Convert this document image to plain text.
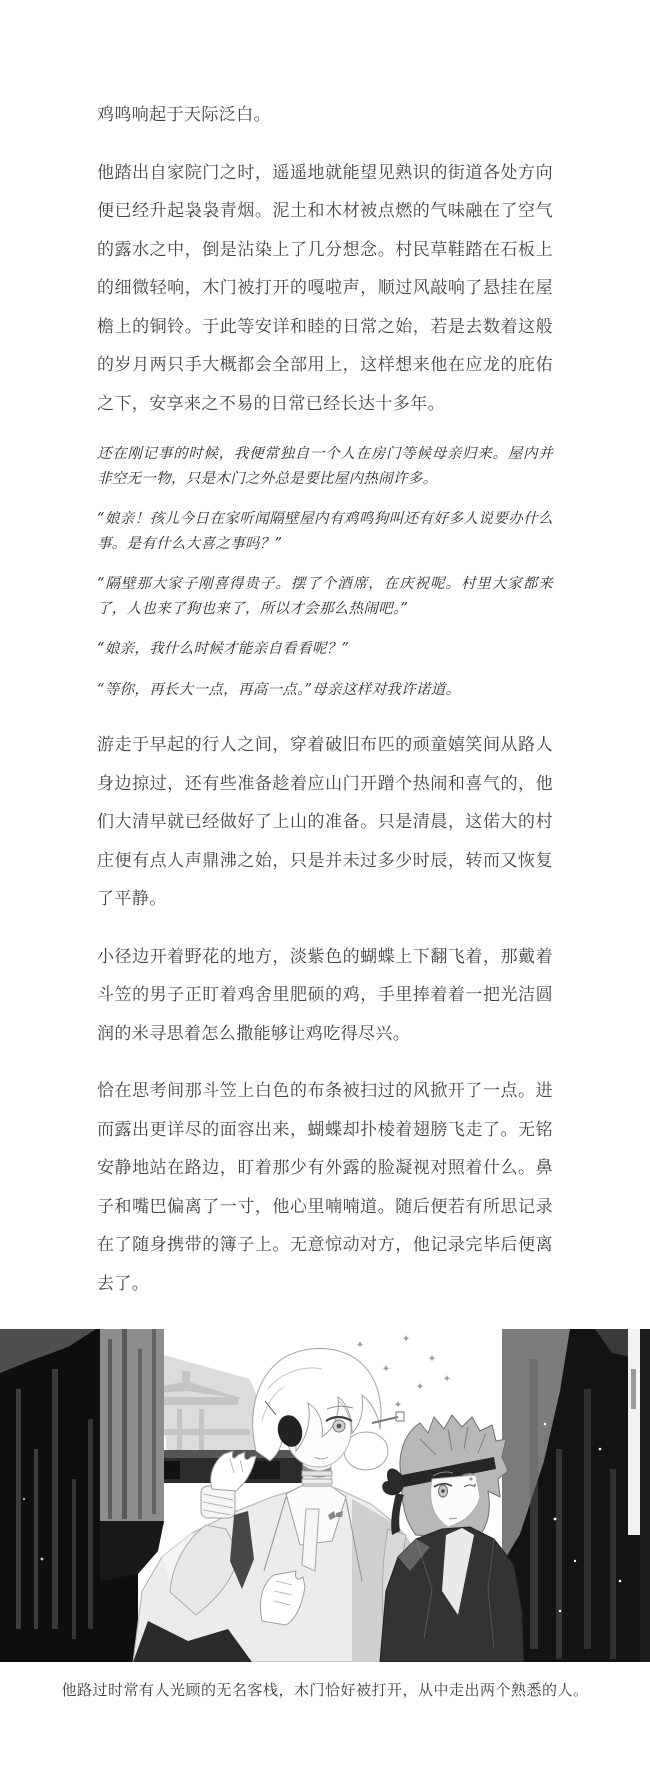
鸡鸣响起于天际泛白。

他踏出自家院门之时，遥遥地就能望见熟识的街道各处方向便已经升起袅袅青烟。泥土和木材被点燃的气味融在了空气的露水之中，倒是沾染上了几分想念。村民草鞋踏在石板上的细微轻响，木门被打开的嘎啦声，顺过风敲响了悬挂在屋檐上的铜铃。于此等安详和睦的日常之始，若是去数着这般的岁月两只手大概都会全部用上，这样想来他在应龙的庇佑之下，安享来之不易的日常已经长达十多年。

还在刚记事的时候，我便常独自一个人在房门等候母亲归来。屋内并非空无一物，只是木门之外总是要比屋内热闹许多。

“娘亲！孩儿今日在家听闻隔壁屋内有鸡鸣狗叫还有好多人说要办什么事。是有什么大喜之事吗？”

“隔壁那大家子刚喜得贵子。摆了个酒席，在庆祝呢。村里大家都来了，人也来了狗也来了，所以才会那么热闹吧。”

“娘亲，我什么时候才能亲自看看呢？”

“等你，再长大一点，再高一点。”母亲这样对我许诺道。

游走于早起的行人之间，穿着破旧布匹的顽童嬉笑间从路人身边掠过，还有些准备趁着应山门开蹭个热闹和喜气的，他们大清早就已经做好了上山的准备。只是清晨，这偌大的村庄便有点人声鼎沸之始，只是并未过多少时辰，转而又恢复了平静。

小径边开着野花的地方，淡紫色的蝴蝶上下翻飞着，那戴着斗笠的男子正盯着鸡舍里肥硕的鸡，手里捧着着一把光洁圆润的米寻思着怎么撒能够让鸡吃得尽兴。

恰在思考间那斗笠上白色的布条被扫过的风掀开了一点。进而露出更详尽的面容出来，蝴蝶却扑棱着翅膀飞走了。无铭安静地站在路边，盯着那少有外露的脸凝视对照着什么。鼻子和嘴巴偏离了一寸，他心里喃喃道。随后便若有所思记录在了随身携带的簿子上。无意惊动对方，他记录完毕后便离去了。

他路过时常有人光顾的无名客栈，木门恰好被打开，从中走出两个熟悉的人。
